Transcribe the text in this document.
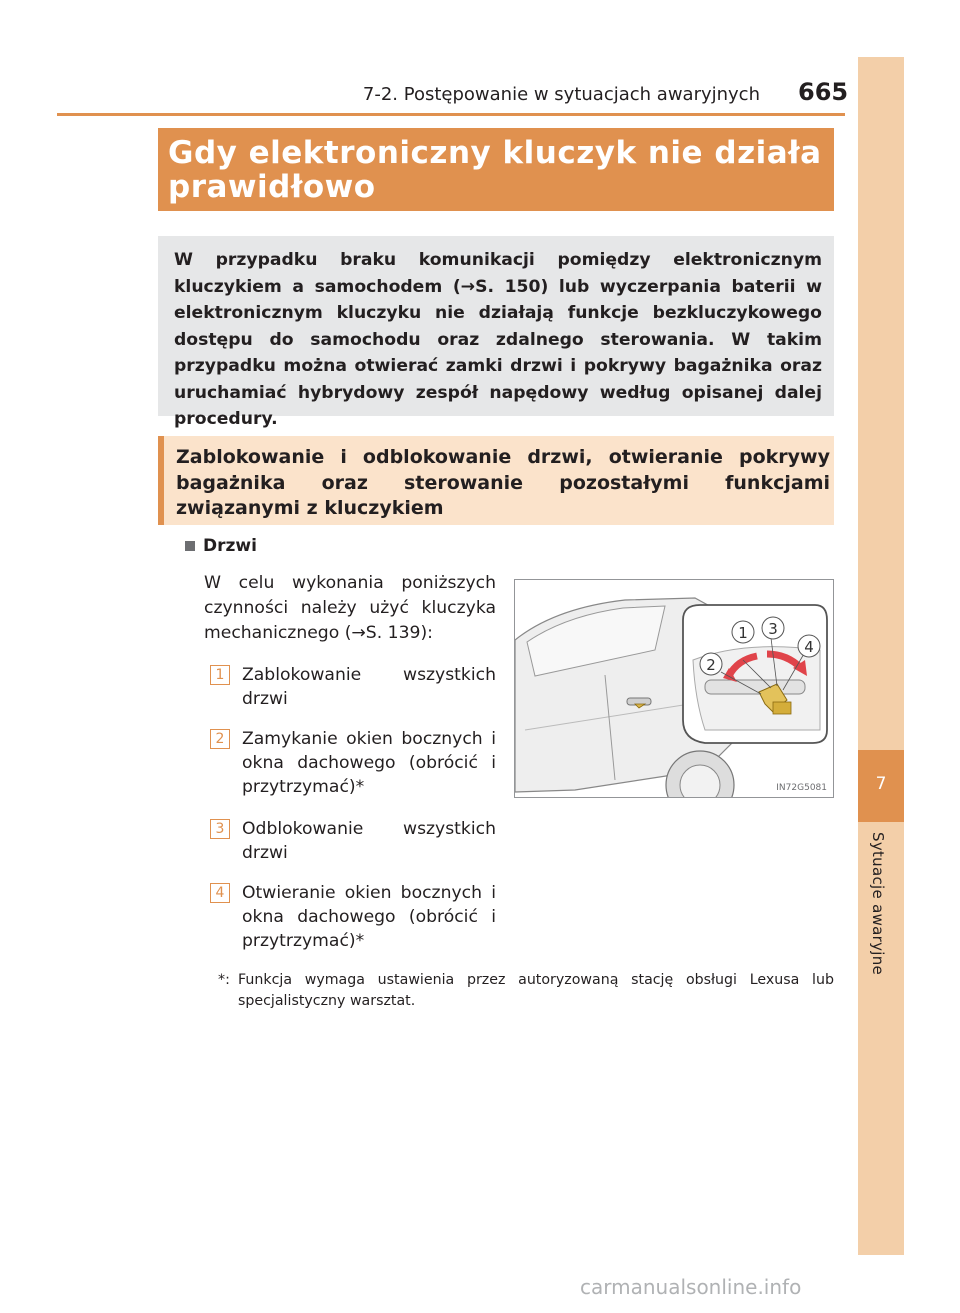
7
Sytuacje awaryjne
7-2. Postępowanie w sytuacjach awaryjnych 665
Gdy elektroniczny kluczyk nie działa prawidłowo

W przypadku braku komunikacji pomiędzy elektronicznym kluczykiem a samochodem (→S. 150) lub wyczerpania baterii w elektronicznym kluczyku nie działają funkcje bezkluczykowego dostępu do samochodu oraz zdalnego sterowania. W takim przypadku można otwierać zamki drzwi i pokrywy bagażnika oraz uruchamiać hybrydowy zespół napędowy według opisanej dalej procedury.

Zablokowanie i odblokowanie drzwi, otwieranie pokrywy bagażnika oraz sterowanie pozostałymi funkcjami związanymi z kluczykiem
Drzwi
W celu wykonania poniższych czynności należy użyć kluczyka mechanicznego (→S. 139):
1	Zablokowanie wszystkich drzwi
2	Zamykanie okien bocznych i okna dachowego (obrócić i przytrzymać)*
3	Odblokowanie wszystkich drzwi
4	Otwieranie okien bocznych i okna dachowego (obrócić i przytrzymać)*
*: Funkcja wymaga ustawienia przez autoryzowaną stację obsługi Lexusa lub specjalistyczny warsztat.
1
2
3
4
IN72G5081
carmanualsonline.info
